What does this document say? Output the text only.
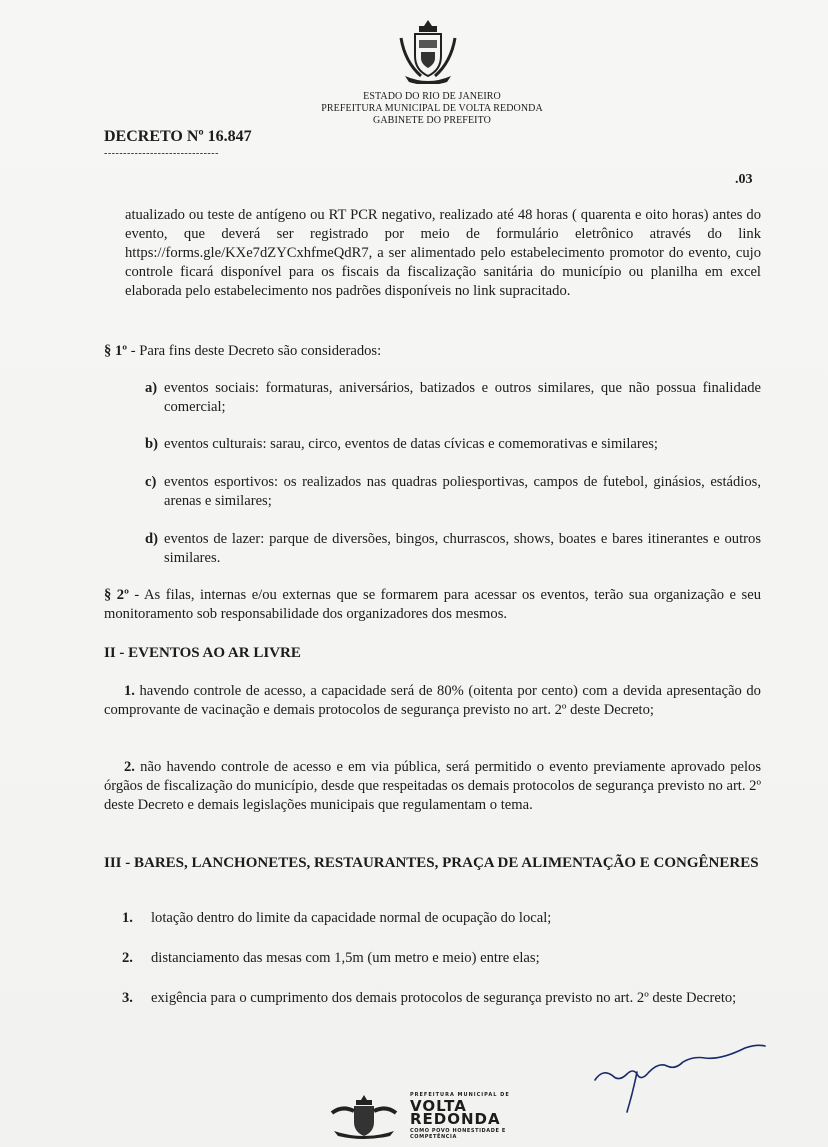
ESTADO DO RIO DE JANEIRO
PREFEITURA MUNICIPAL DE VOLTA REDONDA
GABINETE DO PREFEITO
DECRETO Nº 16.847
------------------------------
.03

atualizado ou teste de antígeno ou RT PCR negativo, realizado até 48 horas ( quarenta e oito horas) antes do evento, que deverá ser registrado por meio de formulário eletrônico através do link https://forms.gle/KXe7dZYCxhfmeQdR7, a ser alimentado pelo estabelecimento promotor do evento, cujo controle ficará disponível para os fiscais da fiscalização sanitária do município ou planilha em excel elaborada pelo estabelecimento nos padrões disponíveis no link supracitado.

§ 1º - Para fins deste Decreto são considerados:

a) eventos sociais: formaturas, aniversários, batizados e outros similares, que não possua finalidade comercial;

b) eventos culturais: sarau, circo, eventos de datas cívicas e comemorativas e similares;

c) eventos esportivos: os realizados nas quadras poliesportivas, campos de futebol, ginásios, estádios, arenas e similares;

d) eventos de lazer: parque de diversões, bingos, churrascos, shows, boates e bares itinerantes e outros similares.

§ 2º - As filas, internas e/ou externas que se formarem para acessar os eventos, terão sua organização e seu monitoramento sob responsabilidade dos organizadores dos mesmos.

II - EVENTOS AO AR LIVRE

1. havendo controle de acesso, a capacidade será de 80% (oitenta por cento) com a devida apresentação do comprovante de vacinação e demais protocolos de segurança previsto no art. 2º deste Decreto;

2. não havendo controle de acesso e em via pública, será permitido o evento previamente aprovado pelos órgãos de fiscalização do município, desde que respeitadas os demais protocolos de segurança previsto no art. 2º deste Decreto e demais legislações municipais que regulamentam o tema.

III - BARES, LANCHONETES, RESTAURANTES, PRAÇA DE ALIMENTAÇÃO E CONGÊNERES
1. lotação dentro do limite da capacidade normal de ocupação do local;

2. distanciamento das mesas com 1,5m (um metro e meio) entre elas;

3. exigência para o cumprimento dos demais protocolos de segurança previsto no art. 2º deste Decreto;

PREFEITURA MUNICIPAL DE
VOLTA
REDONDA
COMO POVO HONESTIDADE E COMPETÊNCIA
